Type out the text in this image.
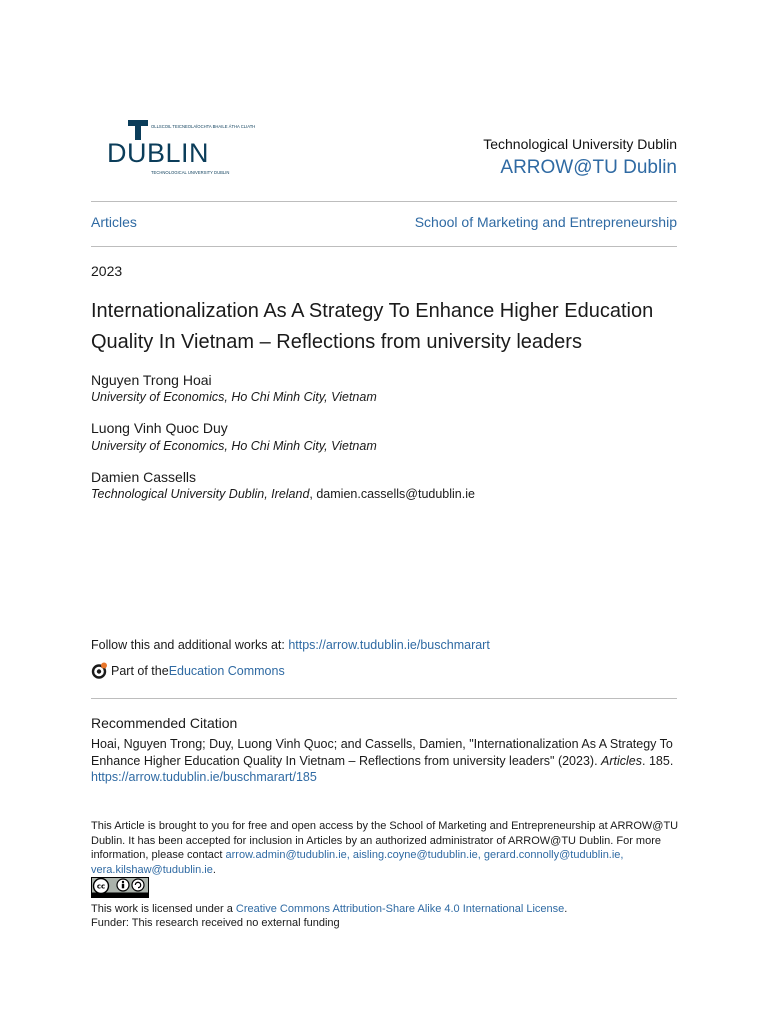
OLLSCOIL TEICNEOLAÍOCHTA BHAILE ÁTHA CLIATH
DUBLIN
TECHNOLOGICAL UNIVERSITY DUBLIN
Technological University Dublin
ARROW@TU Dublin
Articles	School of Marketing and Entrepreneurship
2023
Internationalization As A Strategy To Enhance Higher Education Quality In Vietnam – Reflections from university leaders
Nguyen Trong Hoai
University of Economics, Ho Chi Minh City, Vietnam
Luong Vinh Quoc Duy
University of Economics, Ho Chi Minh City, Vietnam
Damien Cassells
Technological University Dublin, Ireland, damien.cassells@tudublin.ie
Follow this and additional works at: https://arrow.tudublin.ie/buschmarart
Part of the Education Commons
Recommended Citation
Hoai, Nguyen Trong; Duy, Luong Vinh Quoc; and Cassells, Damien, "Internationalization As A Strategy To Enhance Higher Education Quality In Vietnam – Reflections from university leaders" (2023). Articles. 185.
https://arrow.tudublin.ie/buschmarart/185
This Article is brought to you for free and open access by the School of Marketing and Entrepreneurship at ARROW@TU Dublin. It has been accepted for inclusion in Articles by an authorized administrator of ARROW@TU Dublin. For more information, please contact arrow.admin@tudublin.ie, aisling.coyne@tudublin.ie, gerard.connolly@tudublin.ie, vera.kilshaw@tudublin.ie.
cc
This work is licensed under a Creative Commons Attribution-Share Alike 4.0 International License.
Funder: This research received no external funding
